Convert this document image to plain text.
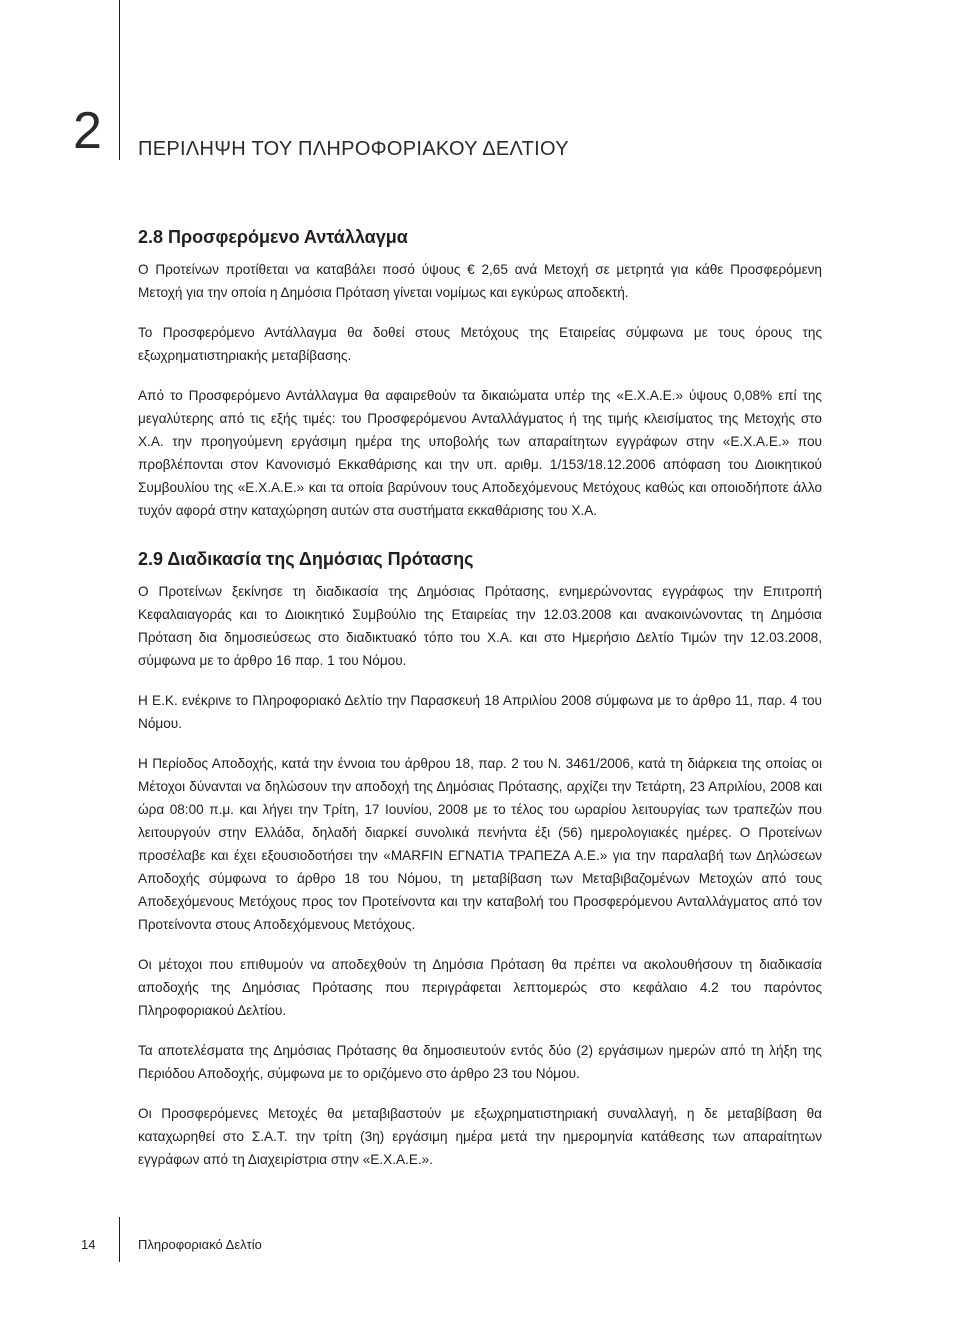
2 ΠΕΡΙΛΗΨΗ ΤΟΥ ΠΛΗΡΟΦΟΡΙΑΚΟΥ ΔΕΛΤΙΟΥ
2.8 Προσφερόμενο Αντάλλαγμα

Ο Προτείνων προτίθεται να καταβάλει ποσό ύψους € 2,65 ανά Μετοχή σε μετρητά για κάθε Προσφερόμενη Μετοχή για την οποία η Δημόσια Πρόταση γίνεται νομίμως και εγκύρως αποδεκτή.

Το Προσφερόμενο Αντάλλαγμα θα δοθεί στους Μετόχους της Εταιρείας σύμφωνα με τους όρους της εξωχρηματιστηριακής μεταβίβασης.

Από το Προσφερόμενο Αντάλλαγμα θα αφαιρεθούν τα δικαιώματα υπέρ της «Ε.Χ.Α.Ε.» ύψους 0,08% επί της μεγαλύτερης από τις εξής τιμές: του Προσφερόμενου Ανταλλάγματος ή της τιμής κλεισίματος της Μετοχής στο Χ.Α. την προηγούμενη εργάσιμη ημέρα της υποβολής των απαραίτητων εγγράφων στην «Ε.Χ.Α.Ε.» που προβλέπονται στον Κανονισμό Εκκαθάρισης και την υπ. αριθμ. 1/153/18.12.2006 απόφαση του Διοικητικού Συμβουλίου της «Ε.Χ.Α.Ε.» και τα οποία βαρύνουν τους Αποδεχόμενους Μετόχους καθώς και οποιοδήποτε άλλο τυχόν αφορά στην καταχώρηση αυτών στα συστήματα εκκαθάρισης του Χ.Α.

2.9 Διαδικασία της Δημόσιας Πρότασης

Ο Προτείνων ξεκίνησε τη διαδικασία της Δημόσιας Πρότασης, ενημερώνοντας εγγράφως την Επιτροπή Κεφαλαιαγοράς και το Διοικητικό Συμβούλιο της Εταιρείας την 12.03.2008 και ανακοινώνοντας τη Δημόσια Πρόταση δια δημοσιεύσεως στο διαδικτυακό τόπο του Χ.Α. και στο Ημερήσιο Δελτίο Τιμών την 12.03.2008, σύμφωνα με το άρθρο 16 παρ. 1 του Νόμου.

Η Ε.Κ. ενέκρινε το Πληροφοριακό Δελτίο την Παρασκευή 18 Απριλίου 2008 σύμφωνα με το άρθρο 11, παρ. 4 του Νόμου.

Η Περίοδος Αποδοχής, κατά την έννοια του άρθρου 18, παρ. 2 του Ν. 3461/2006, κατά τη διάρκεια της οποίας οι Μέτοχοι δύνανται να δηλώσουν την αποδοχή της Δημόσιας Πρότασης, αρχίζει την Τετάρτη, 23 Απριλίου, 2008 και ώρα 08:00 π.μ. και λήγει την Τρίτη, 17 Ιουνίου, 2008 με το τέλος του ωραρίου λειτουργίας των τραπεζών που λειτουργούν στην Ελλάδα, δηλαδή διαρκεί συνολικά πενήντα έξι (56) ημερολογιακές ημέρες. Ο Προτείνων προσέλαβε και έχει εξουσιοδοτήσει την «MARFIN ΕΓΝΑΤΙΑ ΤΡΑΠΕΖΑ Α.Ε.» για την παραλαβή των Δηλώσεων Αποδοχής σύμφωνα το άρθρο 18 του Νόμου, τη μεταβίβαση των Μεταβιβαζομένων Μετοχών από τους Αποδεχόμενους Μετόχους προς τον Προτείνοντα και την καταβολή του Προσφερόμενου Ανταλλάγματος από τον Προτείνοντα στους Αποδεχόμενους Μετόχους.

Οι μέτοχοι που επιθυμούν να αποδεχθούν τη Δημόσια Πρόταση θα πρέπει να ακολουθήσουν τη διαδικασία αποδοχής της Δημόσιας Πρότασης που περιγράφεται λεπτομερώς στο κεφάλαιο 4.2 του παρόντος Πληροφοριακού Δελτίου.

Τα αποτελέσματα της Δημόσιας Πρότασης θα δημοσιευτούν εντός δύο (2) εργάσιμων ημερών από τη λήξη της Περιόδου Αποδοχής, σύμφωνα με το οριζόμενο στο άρθρο 23 του Νόμου.

Οι Προσφερόμενες Μετοχές θα μεταβιβαστούν με εξωχρηματιστηριακή συναλλαγή, η δε μεταβίβαση θα καταχωρηθεί στο Σ.Α.Τ. την τρίτη (3η) εργάσιμη ημέρα μετά την ημερομηνία κατάθεσης των απαραίτητων εγγράφων από τη Διαχειρίστρια στην «Ε.Χ.Α.Ε.».

14	Πληροφοριακό Δελτίο
